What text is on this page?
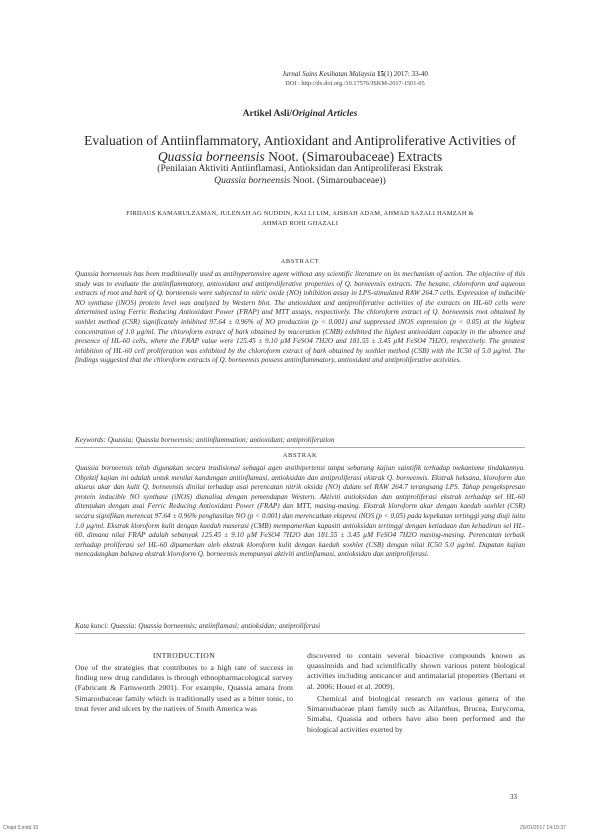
Jurnal Sains Kesihatan Malaysia 15(1) 2017: 33-40
DOI : http://dx.doi.org./10.17576/JSKM-2017-1501-05
Artikel Asli/Original Articles
Evaluation of Antiinflammatory, Antioxidant and Antiproliferative Activities of
Quassia borneensis Noot. (Simaroubaceae) Extracts
(Penilaian Aktiviti Antiinflamasi, Antioksidan dan Antiproliferasi Ekstrak
Quassia borneensis Noot. (Simaroubaceae))
FIRDAUS KAMARULZAMAN, JULENAH AG NUDDIN, KAI LI LIM, AISHAH ADAM, AHMAD SAZALI HAMZAH &
AHMAD ROHI GHAZALI
ABSTRACT
Quassia borneensis has been traditionally used as antihypertensive agent without any scientific literature on its mechanism of action. The objective of this study was to evaluate the antiinflammatory, antioxidant and antiproliferative properties of Q. borneensis extracts. The hexane, chloroform and aqueous extracts of root and bark of Q. borneensis were subjected to nitric oxide (NO) inhibition assay in LPS-stimulated RAW 264.7 cells. Expression of inducible NO synthase (iNOS) protein level was analyzed by Western blot. The antioxidant and antiproliferative activities of the extracts on HL-60 cells were determined using Ferric Reducing Antioxidant Power (FRAP) and MTT assays, respectively. The chloroform extract of Q. borneensis root obtained by soxhlet method (CSR) significantly inhibited 97.64 ± 0.96% of NO production (p < 0.001) and suppressed iNOS expression (p < 0.05) at the highest concentration of 1.0 µg/ml. The chloroform extract of bark obtained by maceration (CMB) exhibited the highest antioxidant capacity in the absence and presence of HL-60 cells, where the FRAP value were 125.45 ± 9.10 µM FeSO4 7H2O and 181.55 ± 3.45 µM FeSO4 7H2O, respectively. The greatest inhibition of HL-60 cell proliferation was exhibited by the chloroform extract of bark obtained by soxhlet method (CSB) with the IC50 of 5.0 µg/ml. The findings suggested that the chloroform extracts of Q. borneensis possess antiinflammatory, antioxidant and antiproliferative activities.
Keywords: Quassia; Quassia borneensis; antiinflammation; antioxidant; antiproliferation
ABSTRAK
Quassia borneensis telah digunakan secara tradisional sebagai agen antihipertensi tanpa sebarang kajian saintifik terhadap mekanisme tindakannya. Objektif kajian ini adalah untuk menilai kandungan antiinflamasi, antioksidan dan antiproliferasi ekstrak Q. borneensis. Ekstrak heksana, kloroform dan akueus akar dan kulit Q. borneensis dinilai terhadap asai perencatan nitrik oksida (NO) dalam sel RAW 264.7 terangsang LPS. Tahap pengekspresan protein inducible NO synthase (iNOS) dianalisa dengan pemendapan Western. Aktiviti antioksidan dan antiproliferasi ekstrak terhadap sel HL-60 ditentukan dengan asai Ferric Reducing Antioxidant Power (FRAP) dan MTT, masing-masing. Ekstrak kloroform akar dengan kaedah soxhlet (CSR) secara signifikan merencat 97.64 ± 0.96% penghasilan NO (p < 0.001) dan merencatkan ekspresi iNOS (p < 0.05) pada kepekatan tertinggi yang diuji iaitu 1.0 µg/ml. Ekstrak kloroform kulit dengan kaedah maserasi (CMB) mempamerkan kapasiti antioksidan tertinggi dengan ketiadaan dan kehadiran sel HL-60, dimana nilai FRAP adalah sebanyak 125.45 ± 9.10 µM FeSO4 7H2O dan 181.55 ± 3.45 µM FeSO4 7H2O masing-masing. Perencatan terbaik terhadap proliferasi sel HL-60 dipamerkan oleh ekstrak kloroform kulit dengan kaedah soxhlet (CSB) dengan nilai IC50 5.0 µg/ml. Dapatan kajian mencadangkan bahawa ekstrak kloroform Q. borneensis mempunyai aktiviti antiinflamasi, antioksidan dan antiproliferasi.
Kata kunci: Quassia; Quassia borneensis; antiinflamasi; antioksidan; antiproliferasi
INTRODUCTION
One of the strategies that contributes to a high rate of success in finding new drug candidates is through ethnopharmacological survey (Fabricant & Farnsworth 2001). For example, Quassia amara from Simaroubaceae family which is traditionally used as a bitter tonic, to treat fever and ulcers by the natives of South America was
discovered to contain several bioactive compounds known as quassinoids and had scientifically shown various potent biological activities including anticancer and antimalarial properties (Bertani et al. 2006; Houel et al. 2009).
Chemical and biological research on various genera of the Simaroubaceae plant family such as Ailanthus, Brucea, Eurycoma, Simaba, Quassia and others have also been performed and the biological activities exerted by
33
Chapt 5.indd 33	25/01/2017 14:15:37
